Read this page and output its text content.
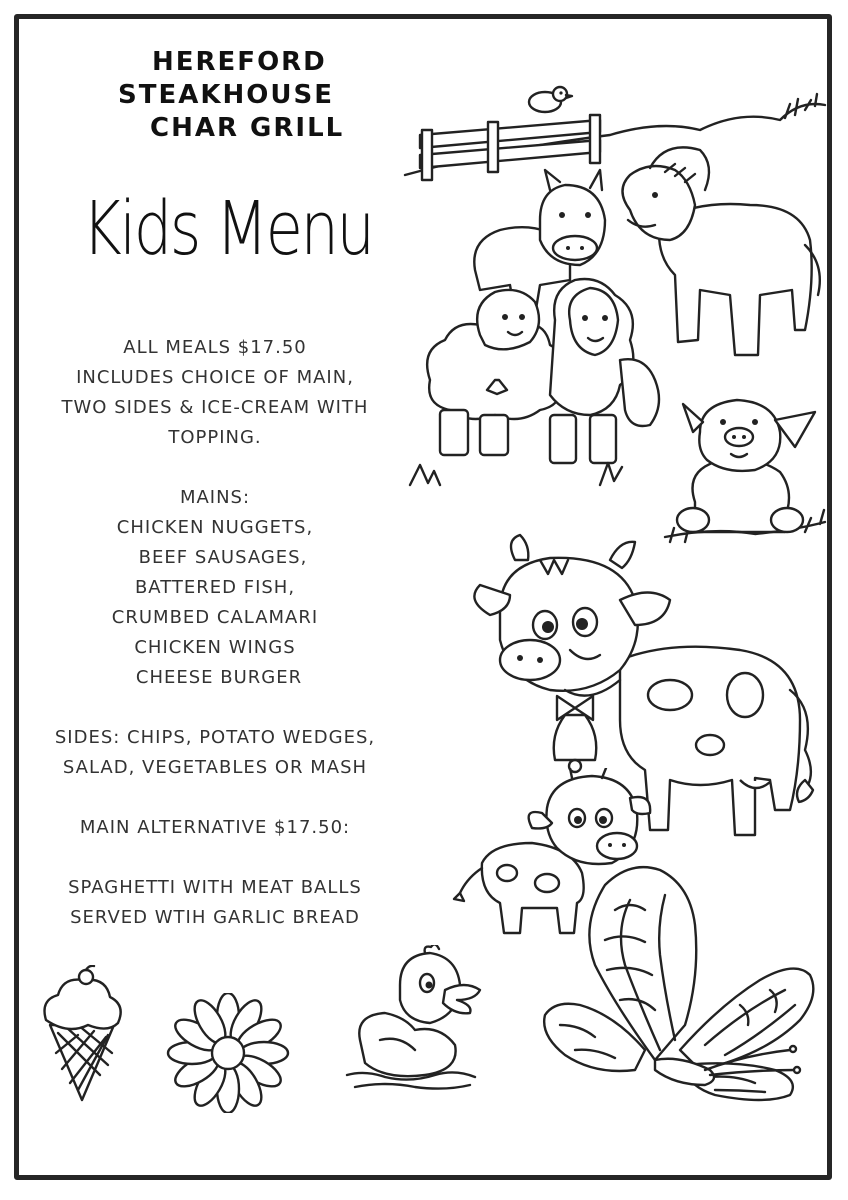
HEREFORD
STEAKHOUSE
CHAR GRILL
Kids Menu

ALL MEALS $17.50

INCLUDES CHOICE OF MAIN,

TWO SIDES & ICE-CREAM WITH

TOPPING.

MAINS:

CHICKEN NUGGETS,

BEEF SAUSAGES,

BATTERED FISH,

CRUMBED CALAMARI

CHICKEN WINGS

CHEESE BURGER

SIDES: CHIPS, POTATO WEDGES,

SALAD, VEGETABLES OR MASH

MAIN ALTERNATIVE $17.50:

SPAGHETTI WITH MEAT BALLS

SERVED WTIH GARLIC BREAD
